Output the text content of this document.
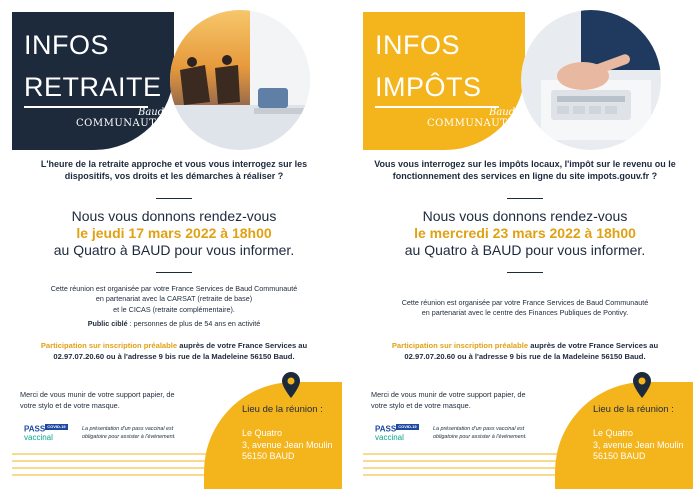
INFOS
RETRAITE
Baud
COMMUNAUTÉ
L'heure de la retraite approche et vous vous interrogez sur les dispositifs, vos droits et les démarches à réaliser ?
Nous vous donnons rendez-vous
le jeudi 17 mars 2022 à 18h00
au Quatro à BAUD pour vous informer.
Cette réunion est organisée par votre France Services de Baud Communauté
en partenariat avec la CARSAT (retraite de base)
et le CICAS (retraite complémentaire).
Public ciblé : personnes de plus de 54 ans en activité
Participation sur inscription préalable auprès de votre France Services au
02.97.07.20.60 ou à l'adresse 9 bis rue de la Madeleine 56150 Baud.
Merci de vous munir de votre support papier, de votre stylo et de votre masque.
PASS COVID-19
vaccinal
La présentation d'un pass vaccinal est obligatoire pour assister à l'événement.
Lieu de la réunion :
Le Quatro
3, avenue Jean Moulin
56150 BAUD
INFOS
IMPÔTS
Baud
COMMUNAUTÉ
Vous vous interrogez sur les impôts locaux, l'impôt sur le revenu ou le fonctionnement des services en ligne du site impots.gouv.fr ?
Nous vous donnons rendez-vous
le mercredi 23 mars 2022 à 18h00
au Quatro à BAUD pour vous informer.
Cette réunion est organisée par votre France Services de Baud Communauté
en partenariat avec le centre des Finances Publiques de Pontivy.
Participation sur inscription préalable auprès de votre France Services au
02.97.07.20.60 ou à l'adresse 9 bis rue de la Madeleine 56150 Baud.
Merci de vous munir de votre support papier, de votre stylo et de votre masque.
PASS COVID-19
vaccinal
La présentation d'un pass vaccinal est obligatoire pour assister à l'événement.
Lieu de la réunion :
Le Quatro
3, avenue Jean Moulin
56150 BAUD
